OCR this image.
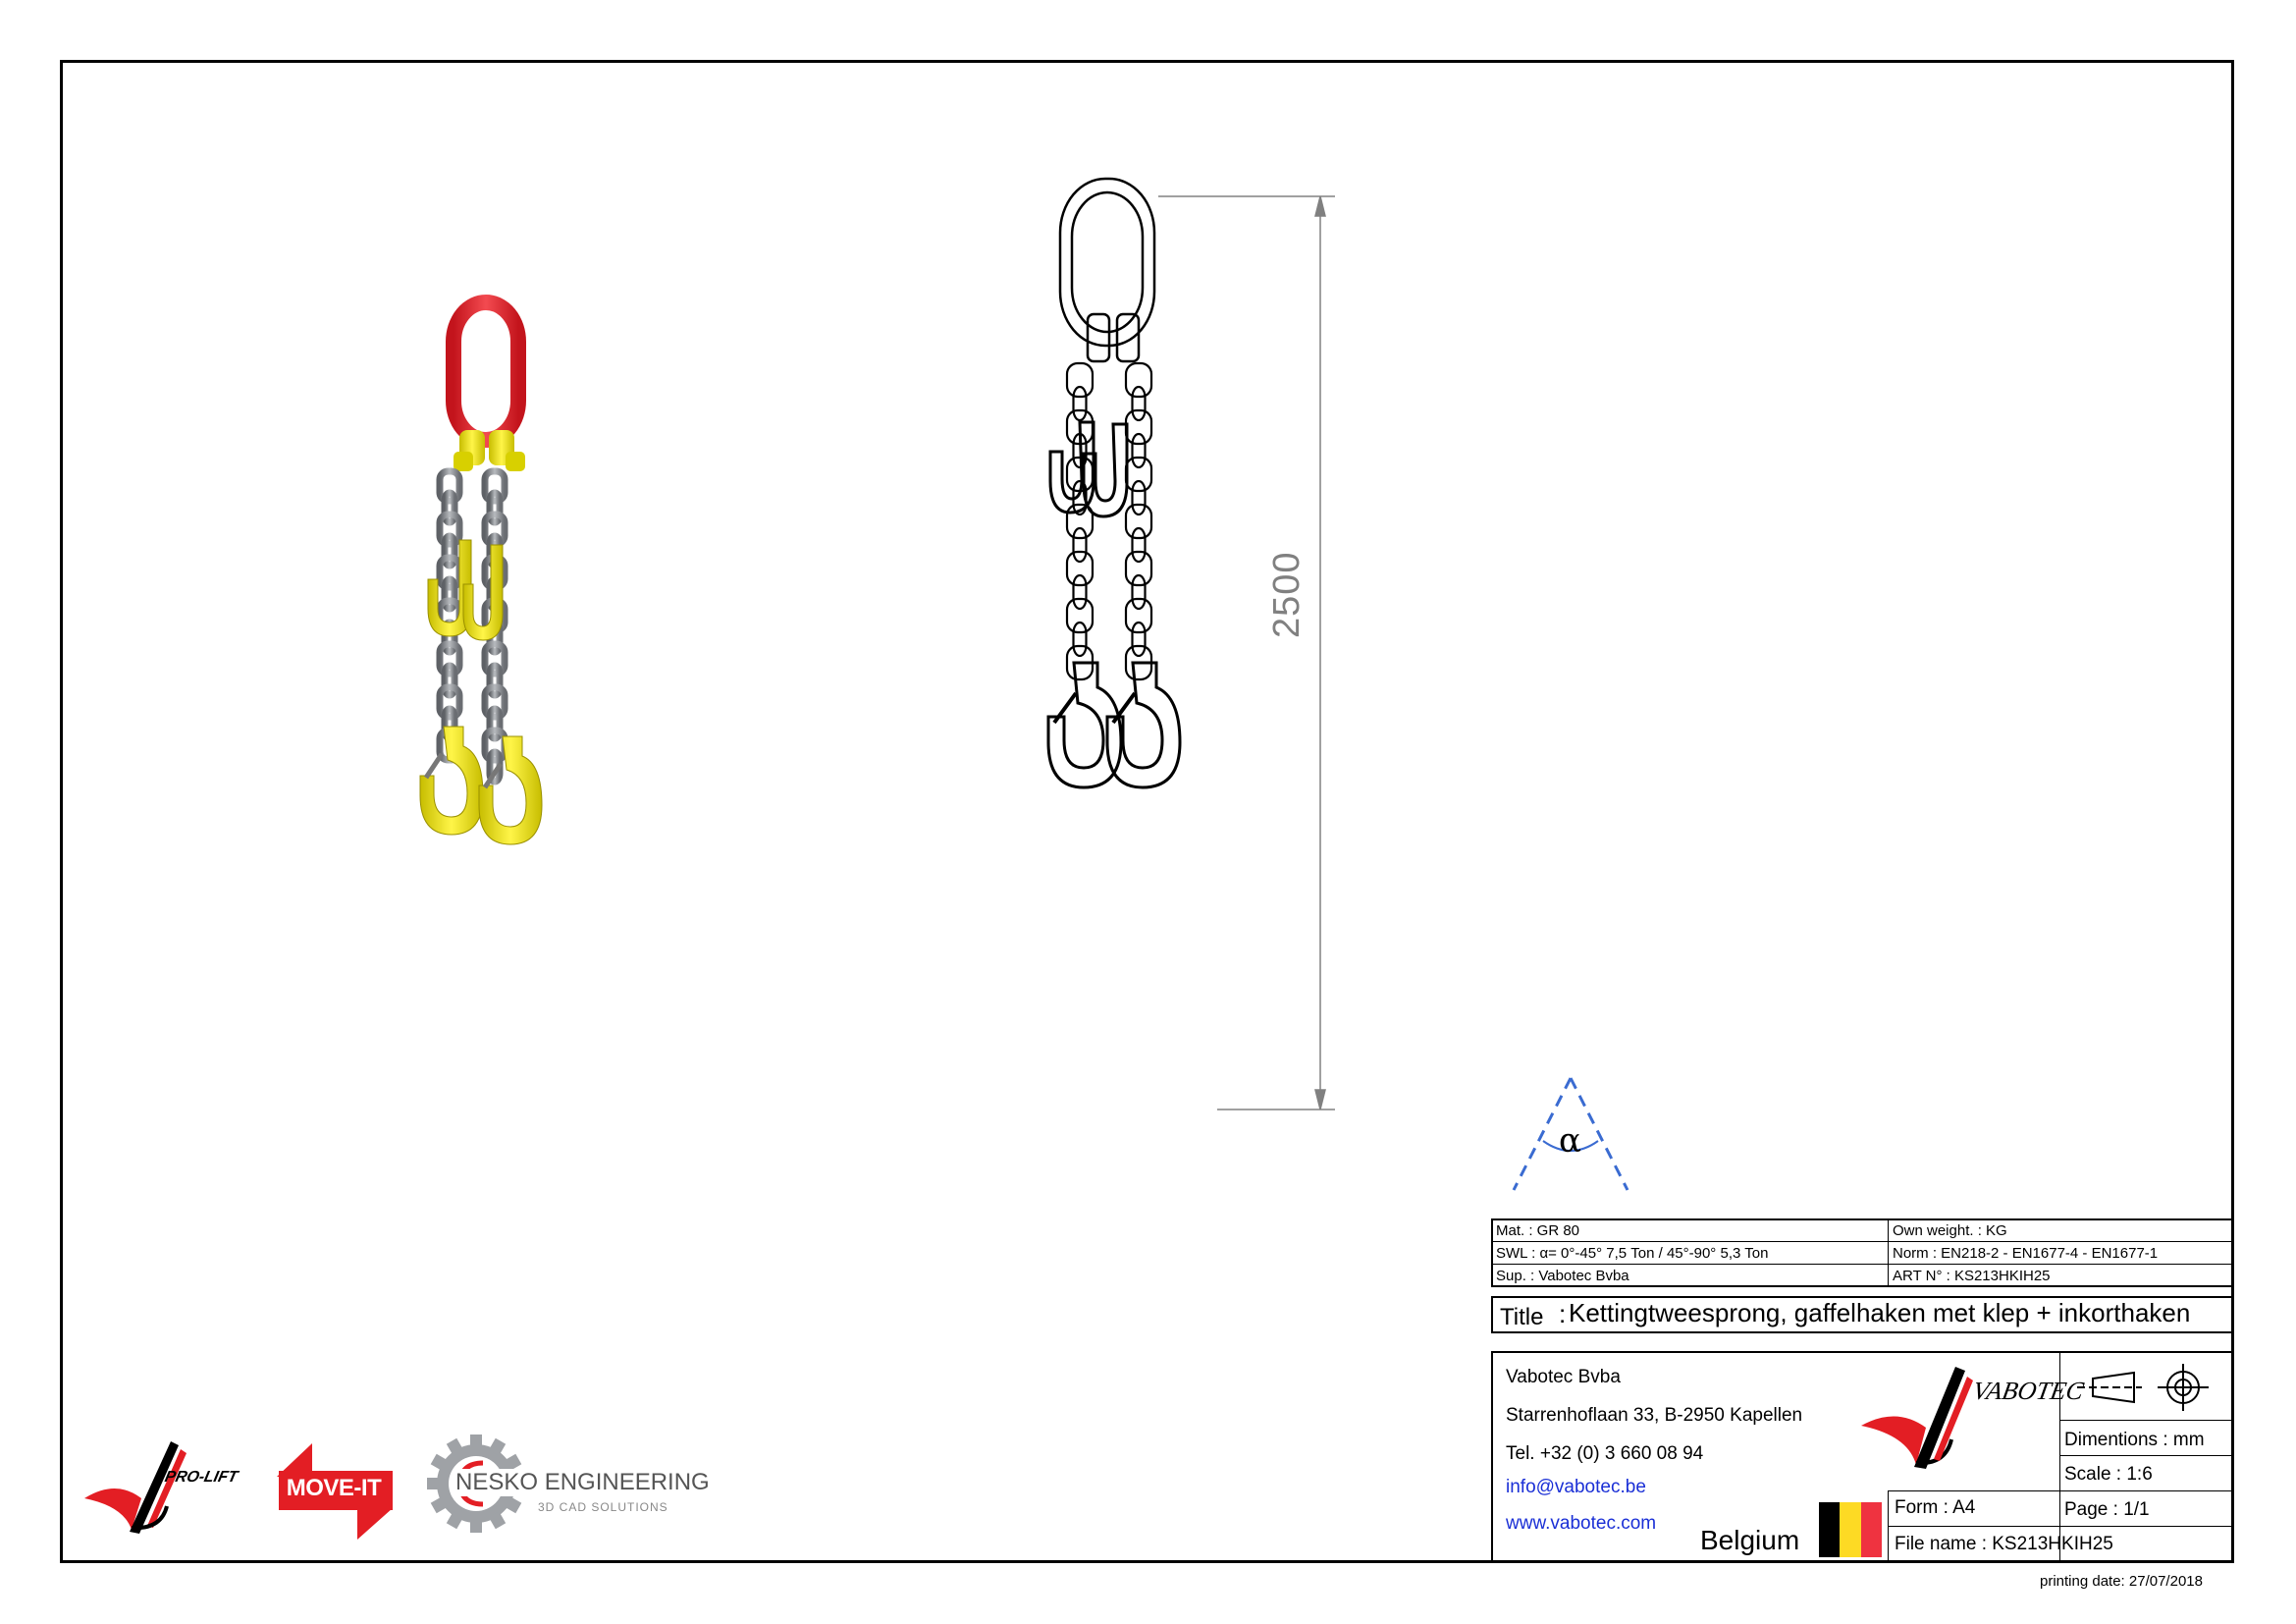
2500
α
Mat. : GR 80
SWL : α= 0°-45° 7,5 Ton / 45°-90° 5,3 Ton
Sup. : Vabotec Bvba
Own weight. : KG
Norm : EN218-2 - EN1677-4 - EN1677-1
ART N° : KS213HKIH25
Title : Kettingtweesprong, gaffelhaken met klep + inkorthaken
Vabotec Bvba
Starrenhoflaan 33, B-2950 Kapellen
Tel. +32 (0) 3 660 08 94
info@vabotec.be
www.vabotec.com
Belgium
VABOTEC
Dimentions : mm
Scale : 1:6
Page : 1/1
Form : A4
File name : KS213HKIH25
printing date: 27/07/2018
PRO-LIFT	MOVE-IT	NESKO ENGINEERING
3D CAD SOLUTIONS
